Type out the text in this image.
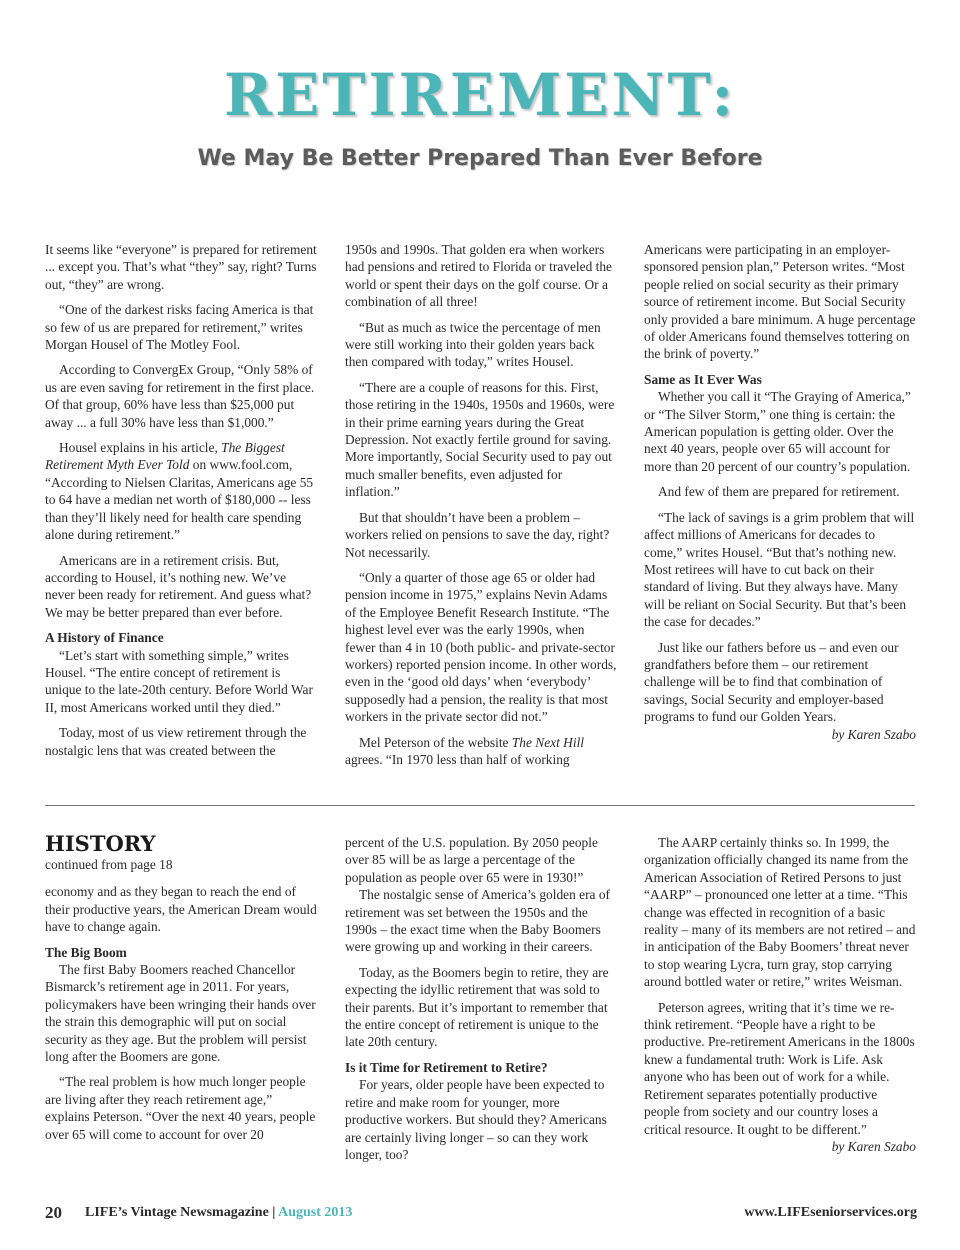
RETIREMENT:
We May Be Better Prepared Than Ever Before

It seems like “everyone” is prepared for retirement ... except you. That’s what “they” say, right? Turns out, “they” are wrong.

“One of the darkest risks facing America is that so few of us are prepared for retirement,” writes Morgan Housel of The Motley Fool.

According to ConvergEx Group, “Only 58% of us are even saving for retirement in the first place. Of that group, 60% have less than $25,000 put away ... a full 30% have less than $1,000.”

Housel explains in his article, The Biggest Retirement Myth Ever Told on www.fool.com, “According to Nielsen Claritas, Americans age 55 to 64 have a median net worth of $180,000 -- less than they’ll likely need for health care spending alone during retirement.”

Americans are in a retirement crisis. But, according to Housel, it’s nothing new. We’ve never been ready for retirement. And guess what? We may be better prepared than ever before.

A History of Finance

“Let’s start with something simple,” writes Housel. “The entire concept of retirement is unique to the late-20th century. Before World War II, most Americans worked until they died.”

Today, most of us view retirement through the nostalgic lens that was created between the

1950s and 1990s. That golden era when workers had pensions and retired to Florida or traveled the world or spent their days on the golf course. Or a combination of all three!

“But as much as twice the percentage of men were still working into their golden years back then compared with today,” writes Housel.

“There are a couple of reasons for this. First, those retiring in the 1940s, 1950s and 1960s, were in their prime earning years during the Great Depression. Not exactly fertile ground for saving. More importantly, Social Security used to pay out much smaller benefits, even adjusted for inflation.”

But that shouldn’t have been a problem – workers relied on pensions to save the day, right? Not necessarily.

“Only a quarter of those age 65 or older had pension income in 1975,” explains Nevin Adams of the Employee Benefit Research Institute. “The highest level ever was the early 1990s, when fewer than 4 in 10 (both public- and private-sector workers) reported pension income. In other words, even in the ‘good old days’ when ‘everybody’ supposedly had a pension, the reality is that most workers in the private sector did not.”

Mel Peterson of the website The Next Hill agrees. “In 1970 less than half of working

Americans were participating in an employer-sponsored pension plan,” Peterson writes. “Most people relied on social security as their primary source of retirement income. But Social Security only provided a bare minimum. A huge percentage of older Americans found themselves tottering on the brink of poverty.”

Same as It Ever Was

Whether you call it “The Graying of America,” or “The Silver Storm,” one thing is certain: the American population is getting older. Over the next 40 years, people over 65 will account for more than 20 percent of our country’s population.

And few of them are prepared for retirement.

“The lack of savings is a grim problem that will affect millions of Americans for decades to come,” writes Housel. “But that’s nothing new. Most retirees will have to cut back on their standard of living. But they always have. Many will be reliant on Social Security. But that’s been the case for decades.”

Just like our fathers before us – and even our grandfathers before them – our retirement challenge will be to find that combination of savings, Social Security and employer-based programs to fund our Golden Years.

by Karen Szabo
HISTORY
continued from page 18

economy and as they began to reach the end of their productive years, the American Dream would have to change again.

The Big Boom

The first Baby Boomers reached Chancellor Bismarck’s retirement age in 2011. For years, policymakers have been wringing their hands over the strain this demographic will put on social security as they age. But the problem will persist long after the Boomers are gone.

“The real problem is how much longer people are living after they reach retirement age,” explains Peterson. “Over the next 40 years, people over 65 will come to account for over 20

percent of the U.S. population. By 2050 people over 85 will be as large a percentage of the population as people over 65 were in 1930!”

The nostalgic sense of America’s golden era of retirement was set between the 1950s and the 1990s – the exact time when the Baby Boomers were growing up and working in their careers.

Today, as the Boomers begin to retire, they are expecting the idyllic retirement that was sold to their parents. But it’s important to remember that the entire concept of retirement is unique to the late 20th century.

Is it Time for Retirement to Retire?

For years, older people have been expected to retire and make room for younger, more productive workers. But should they? Americans are certainly living longer – so can they work longer, too?

The AARP certainly thinks so. In 1999, the organization officially changed its name from the American Association of Retired Persons to just “AARP” – pronounced one letter at a time. “This change was effected in recognition of a basic reality – many of its members are not retired – and in anticipation of the Baby Boomers’ threat never to stop wearing Lycra, turn gray, stop carrying around bottled water or retire,” writes Weisman.

Peterson agrees, writing that it’s time we re-think retirement. “People have a right to be productive. Pre-retirement Americans in the 1800s knew a fundamental truth: Work is Life. Ask anyone who has been out of work for a while. Retirement separates potentially productive people from society and our country loses a critical resource. It ought to be different.”

by Karen Szabo
20 LIFE’s Vintage Newsmagazine | August 2013	www.LIFEseniorservices.org
